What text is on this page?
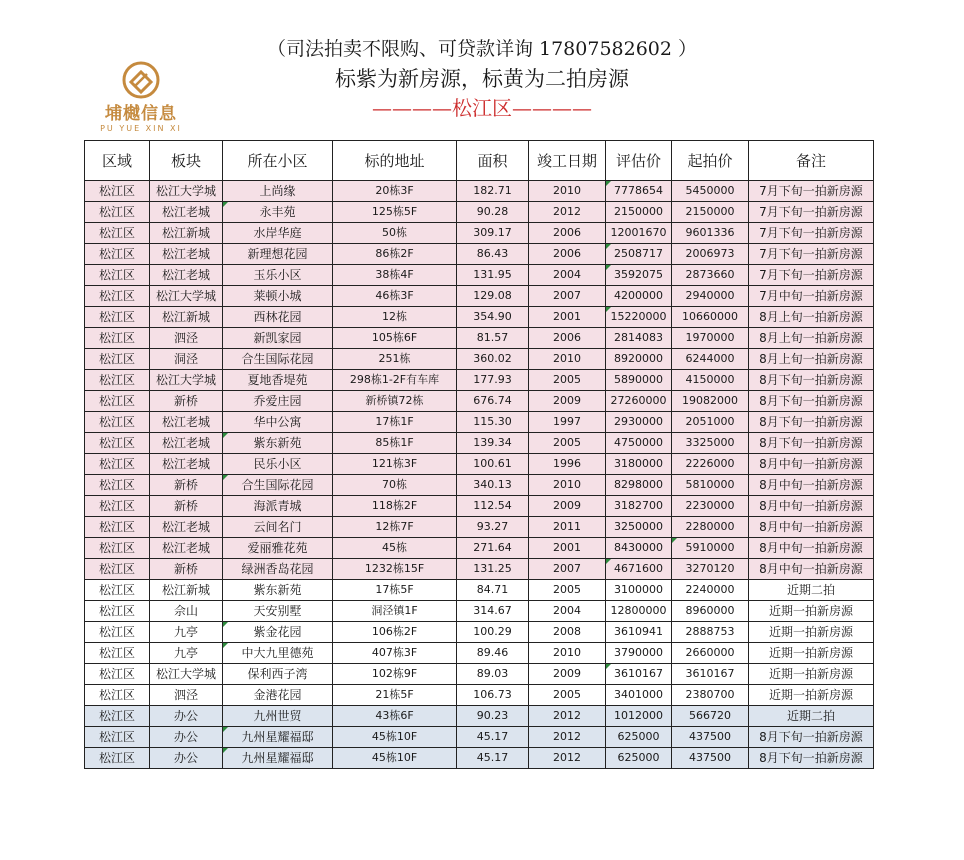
埔樾信息
PU YUE XIN XI
（司法拍卖不限购、可贷款详询 17807582602 ）
标紫为新房源，标黄为二拍房源
————松江区————
区域	板块	所在小区	标的地址	面积	竣工日期	评估价	起拍价	备注
松江区	松江大学城	上尚缘	20栋3F	182.71	2010	7778654	5450000	7月下旬一拍新房源
松江区	松江老城	永丰苑	125栋5F	90.28	2012	2150000	2150000	7月下旬一拍新房源
松江区	松江新城	水岸华庭	50栋	309.17	2006	12001670	9601336	7月下旬一拍新房源
松江区	松江老城	新理想花园	86栋2F	86.43	2006	2508717	2006973	7月下旬一拍新房源
松江区	松江老城	玉乐小区	38栋4F	131.95	2004	3592075	2873660	7月下旬一拍新房源
松江区	松江大学城	莱顿小城	46栋3F	129.08	2007	4200000	2940000	7月中旬一拍新房源
松江区	松江新城	西林花园	12栋	354.90	2001	15220000	10660000	8月上旬一拍新房源
松江区	泗泾	新凯家园	105栋6F	81.57	2006	2814083	1970000	8月上旬一拍新房源
松江区	洞泾	合生国际花园	251栋	360.02	2010	8920000	6244000	8月上旬一拍新房源
松江区	松江大学城	夏地香堤苑	298栋1-2F有车库	177.93	2005	5890000	4150000	8月下旬一拍新房源
松江区	新桥	乔爱庄园	新桥镇72栋	676.74	2009	27260000	19082000	8月下旬一拍新房源
松江区	松江老城	华中公寓	17栋1F	115.30	1997	2930000	2051000	8月下旬一拍新房源
松江区	松江老城	紫东新苑	85栋1F	139.34	2005	4750000	3325000	8月下旬一拍新房源
松江区	松江老城	民乐小区	121栋3F	100.61	1996	3180000	2226000	8月中旬一拍新房源
松江区	新桥	合生国际花园	70栋	340.13	2010	8298000	5810000	8月中旬一拍新房源
松江区	新桥	海派青城	118栋2F	112.54	2009	3182700	2230000	8月中旬一拍新房源
松江区	松江老城	云间名门	12栋7F	93.27	2011	3250000	2280000	8月中旬一拍新房源
松江区	松江老城	爱丽雅花苑	45栋	271.64	2001	8430000	5910000	8月中旬一拍新房源
松江区	新桥	绿洲香岛花园	1232栋15F	131.25	2007	4671600	3270120	8月中旬一拍新房源
松江区	松江新城	紫东新苑	17栋5F	84.71	2005	3100000	2240000	近期二拍
松江区	佘山	天安别墅	洞泾镇1F	314.67	2004	12800000	8960000	近期一拍新房源
松江区	九亭	紫金花园	106栋2F	100.29	2008	3610941	2888753	近期一拍新房源
松江区	九亭	中大九里德苑	407栋3F	89.46	2010	3790000	2660000	近期一拍新房源
松江区	松江大学城	保利西子湾	102栋9F	89.03	2009	3610167	3610167	近期一拍新房源
松江区	泗泾	金港花园	21栋5F	106.73	2005	3401000	2380700	近期一拍新房源
松江区	办公	九州世贸	43栋6F	90.23	2012	1012000	566720	近期二拍
松江区	办公	九州星耀福邸	45栋10F	45.17	2012	625000	437500	8月下旬一拍新房源
松江区	办公	九州星耀福邸	45栋10F	45.17	2012	625000	437500	8月下旬一拍新房源
